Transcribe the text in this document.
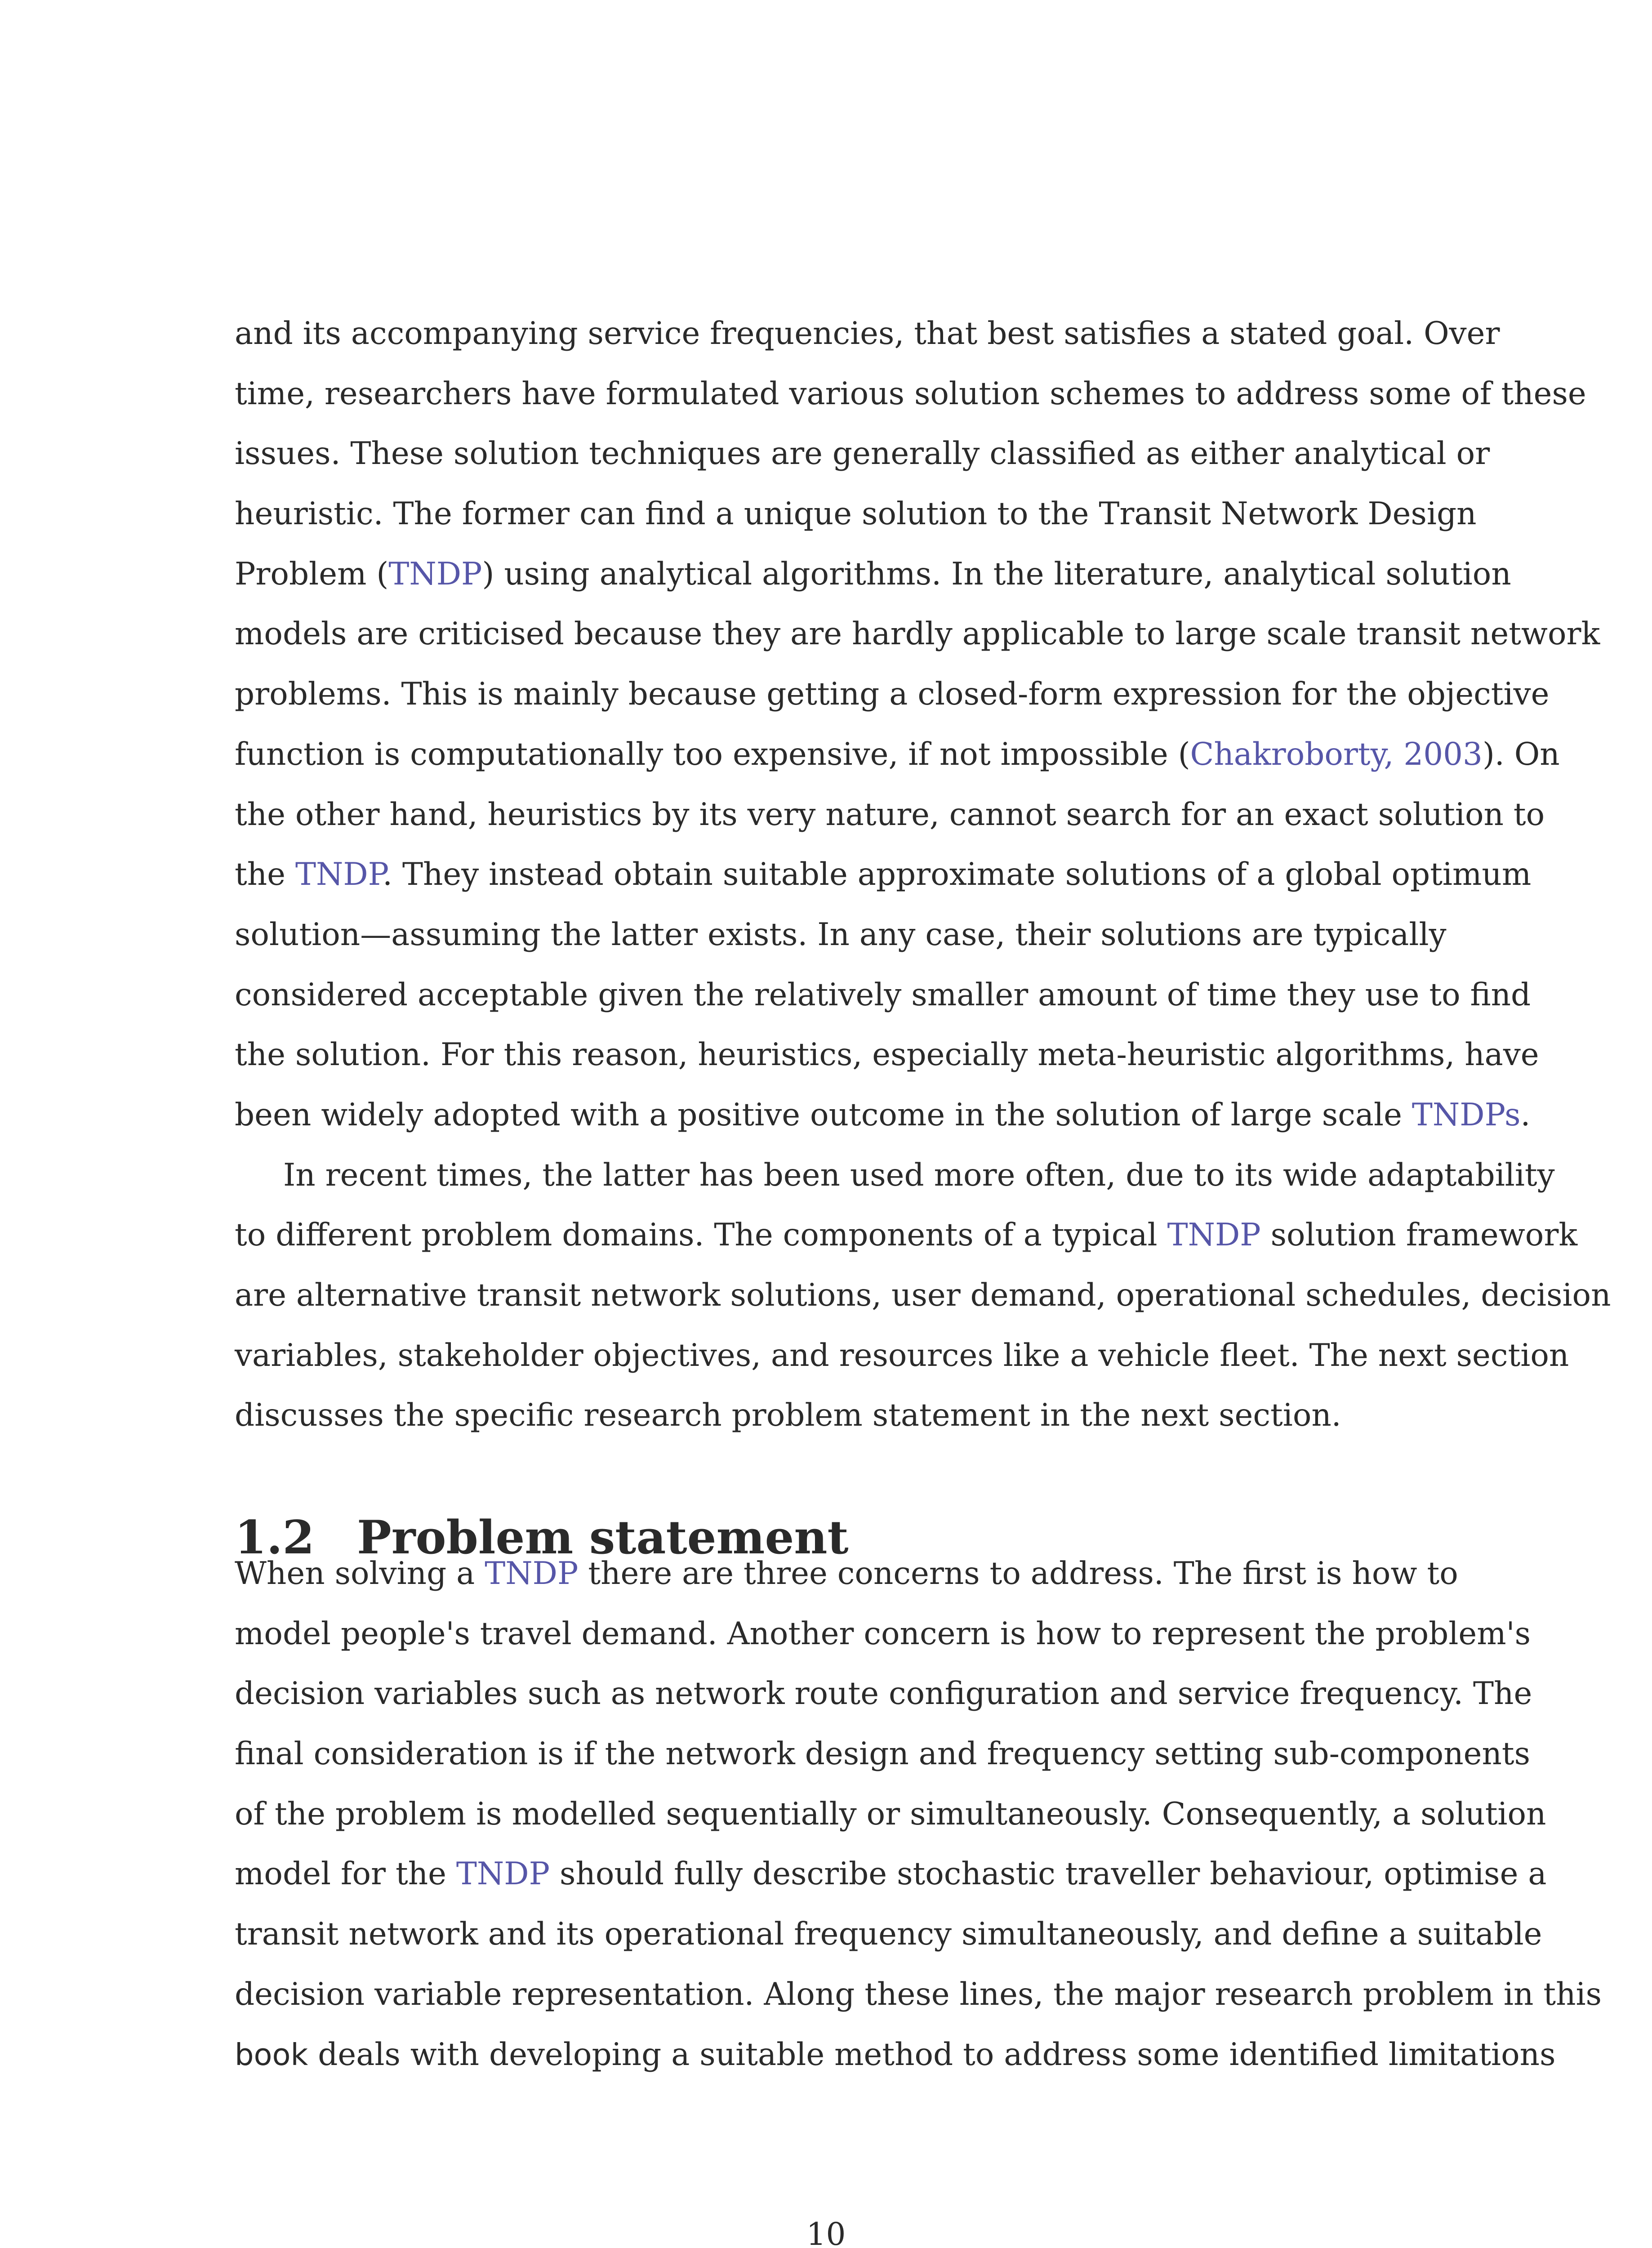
and its accompanying service frequencies, that best satisfies a stated goal. Over
time, researchers have formulated various solution schemes to address some of these
issues. These solution techniques are generally classified as either analytical or
heuristic. The former can find a unique solution to the Transit Network Design
Problem (TNDP) using analytical algorithms. In the literature, analytical solution
models are criticised because they are hardly applicable to large scale transit network
problems. This is mainly because getting a closed-form expression for the objective
function is computationally too expensive, if not impossible (Chakroborty, 2003). On
the other hand, heuristics by its very nature, cannot search for an exact solution to
the TNDP. They instead obtain suitable approximate solutions of a global optimum
solution—assuming the latter exists. In any case, their solutions are typically
considered acceptable given the relatively smaller amount of time they use to find
the solution. For this reason, heuristics, especially meta-heuristic algorithms, have
been widely adopted with a positive outcome in the solution of large scale TNDPs.
In recent times, the latter has been used more often, due to its wide adaptability
to different problem domains. The components of a typical TNDP solution framework
are alternative transit network solutions, user demand, operational schedules, decision
variables, stakeholder objectives, and resources like a vehicle fleet. The next section
discusses the specific research problem statement in the next section.
1.2 Problem statement
When solving a TNDP there are three concerns to address. The first is how to
model people's travel demand. Another concern is how to represent the problem's
decision variables such as network route configuration and service frequency. The
final consideration is if the network design and frequency setting sub-components
of the problem is modelled sequentially or simultaneously. Consequently, a solution
model for the TNDP should fully describe stochastic traveller behaviour, optimise a
transit network and its operational frequency simultaneously, and define a suitable
decision variable representation. Along these lines, the major research problem in this
book deals with developing a suitable method to address some identified limitations
10
